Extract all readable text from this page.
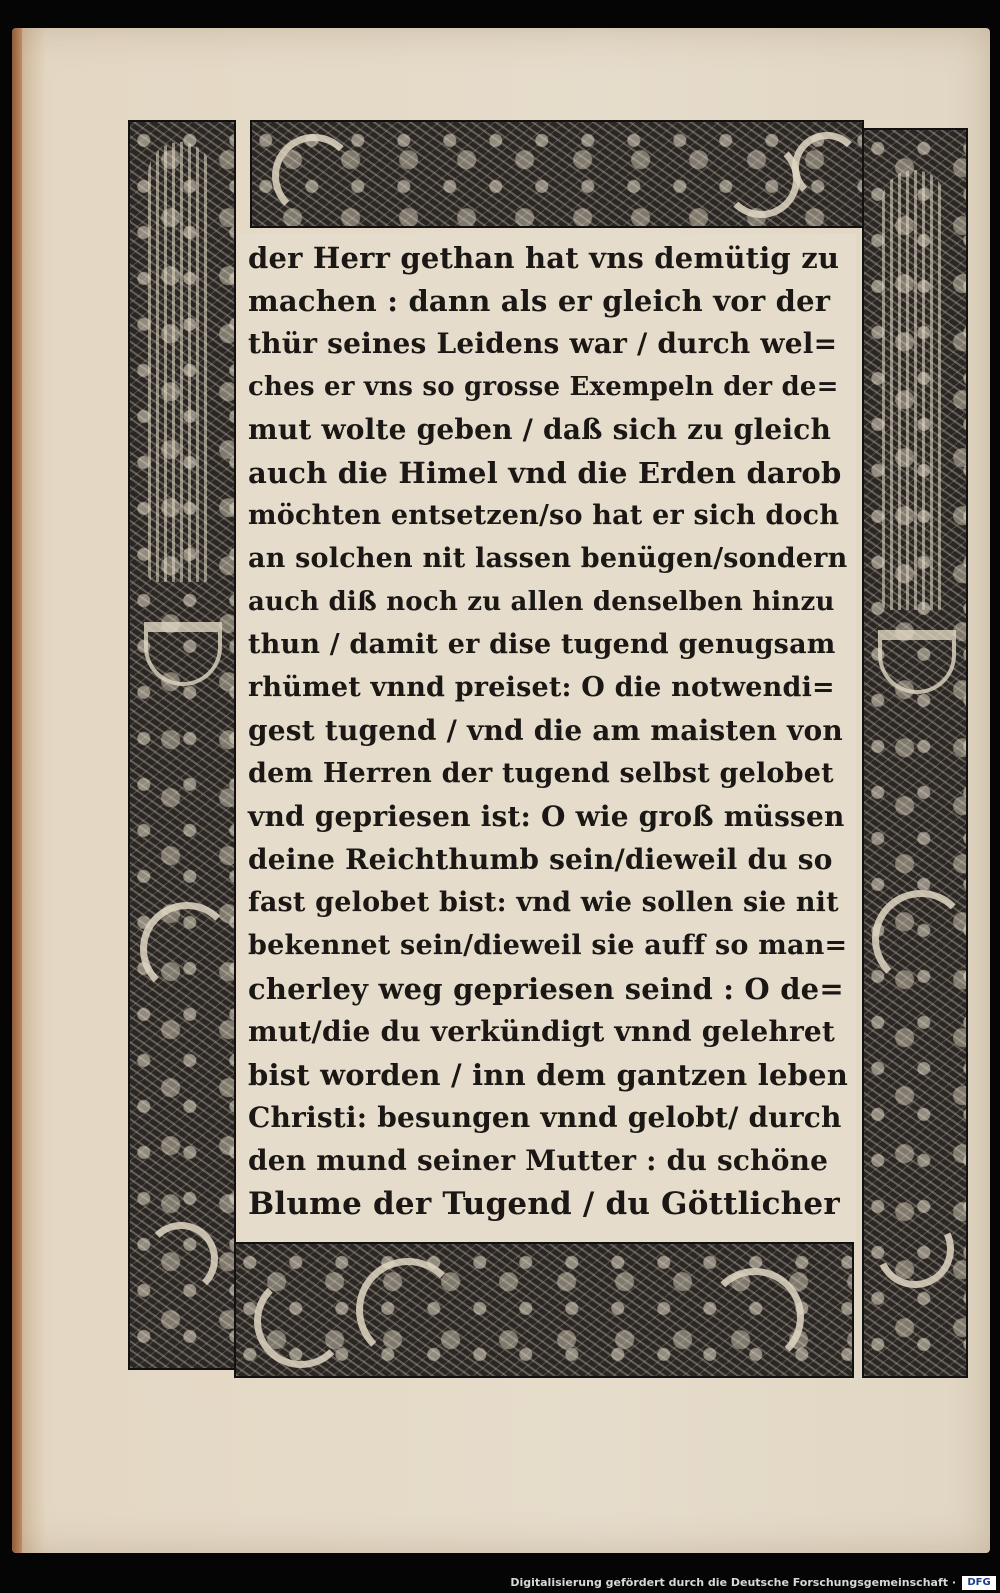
der Herr gethan hat vns demütig zu
machen : dann als er gleich vor der
thür seines Leidens war / durch wel=
ches er vns so grosse Exempeln der de=
mut wolte geben / daß sich zu gleich
auch die Himel vnd die Erden darob
möchten entsetzen/so hat er sich doch
an solchen nit lassen benügen/sondern
auch diß noch zu allen denselben hinzu
thun / damit er dise tugend genugsam
rhümet vnnd preiset: O die notwendi=
gest tugend / vnd die am maisten von
dem Herren der tugend selbst gelobet
vnd gepriesen ist: O wie groß müssen
deine Reichthumb sein/dieweil du so
fast gelobet bist: vnd wie sollen sie nit
bekennet sein/dieweil sie auff so man=
cherley weg gepriesen seind : O de=
mut/die du verkündigt vnnd gelehret
bist worden / inn dem gantzen leben
Christi: besungen vnnd gelobt/ durch
den mund seiner Mutter : du schöne
Blume der Tugend / du Göttlicher
Digitalisierung gefördert durch die Deutsche Forschungsgemeinschaft ·	DFG
